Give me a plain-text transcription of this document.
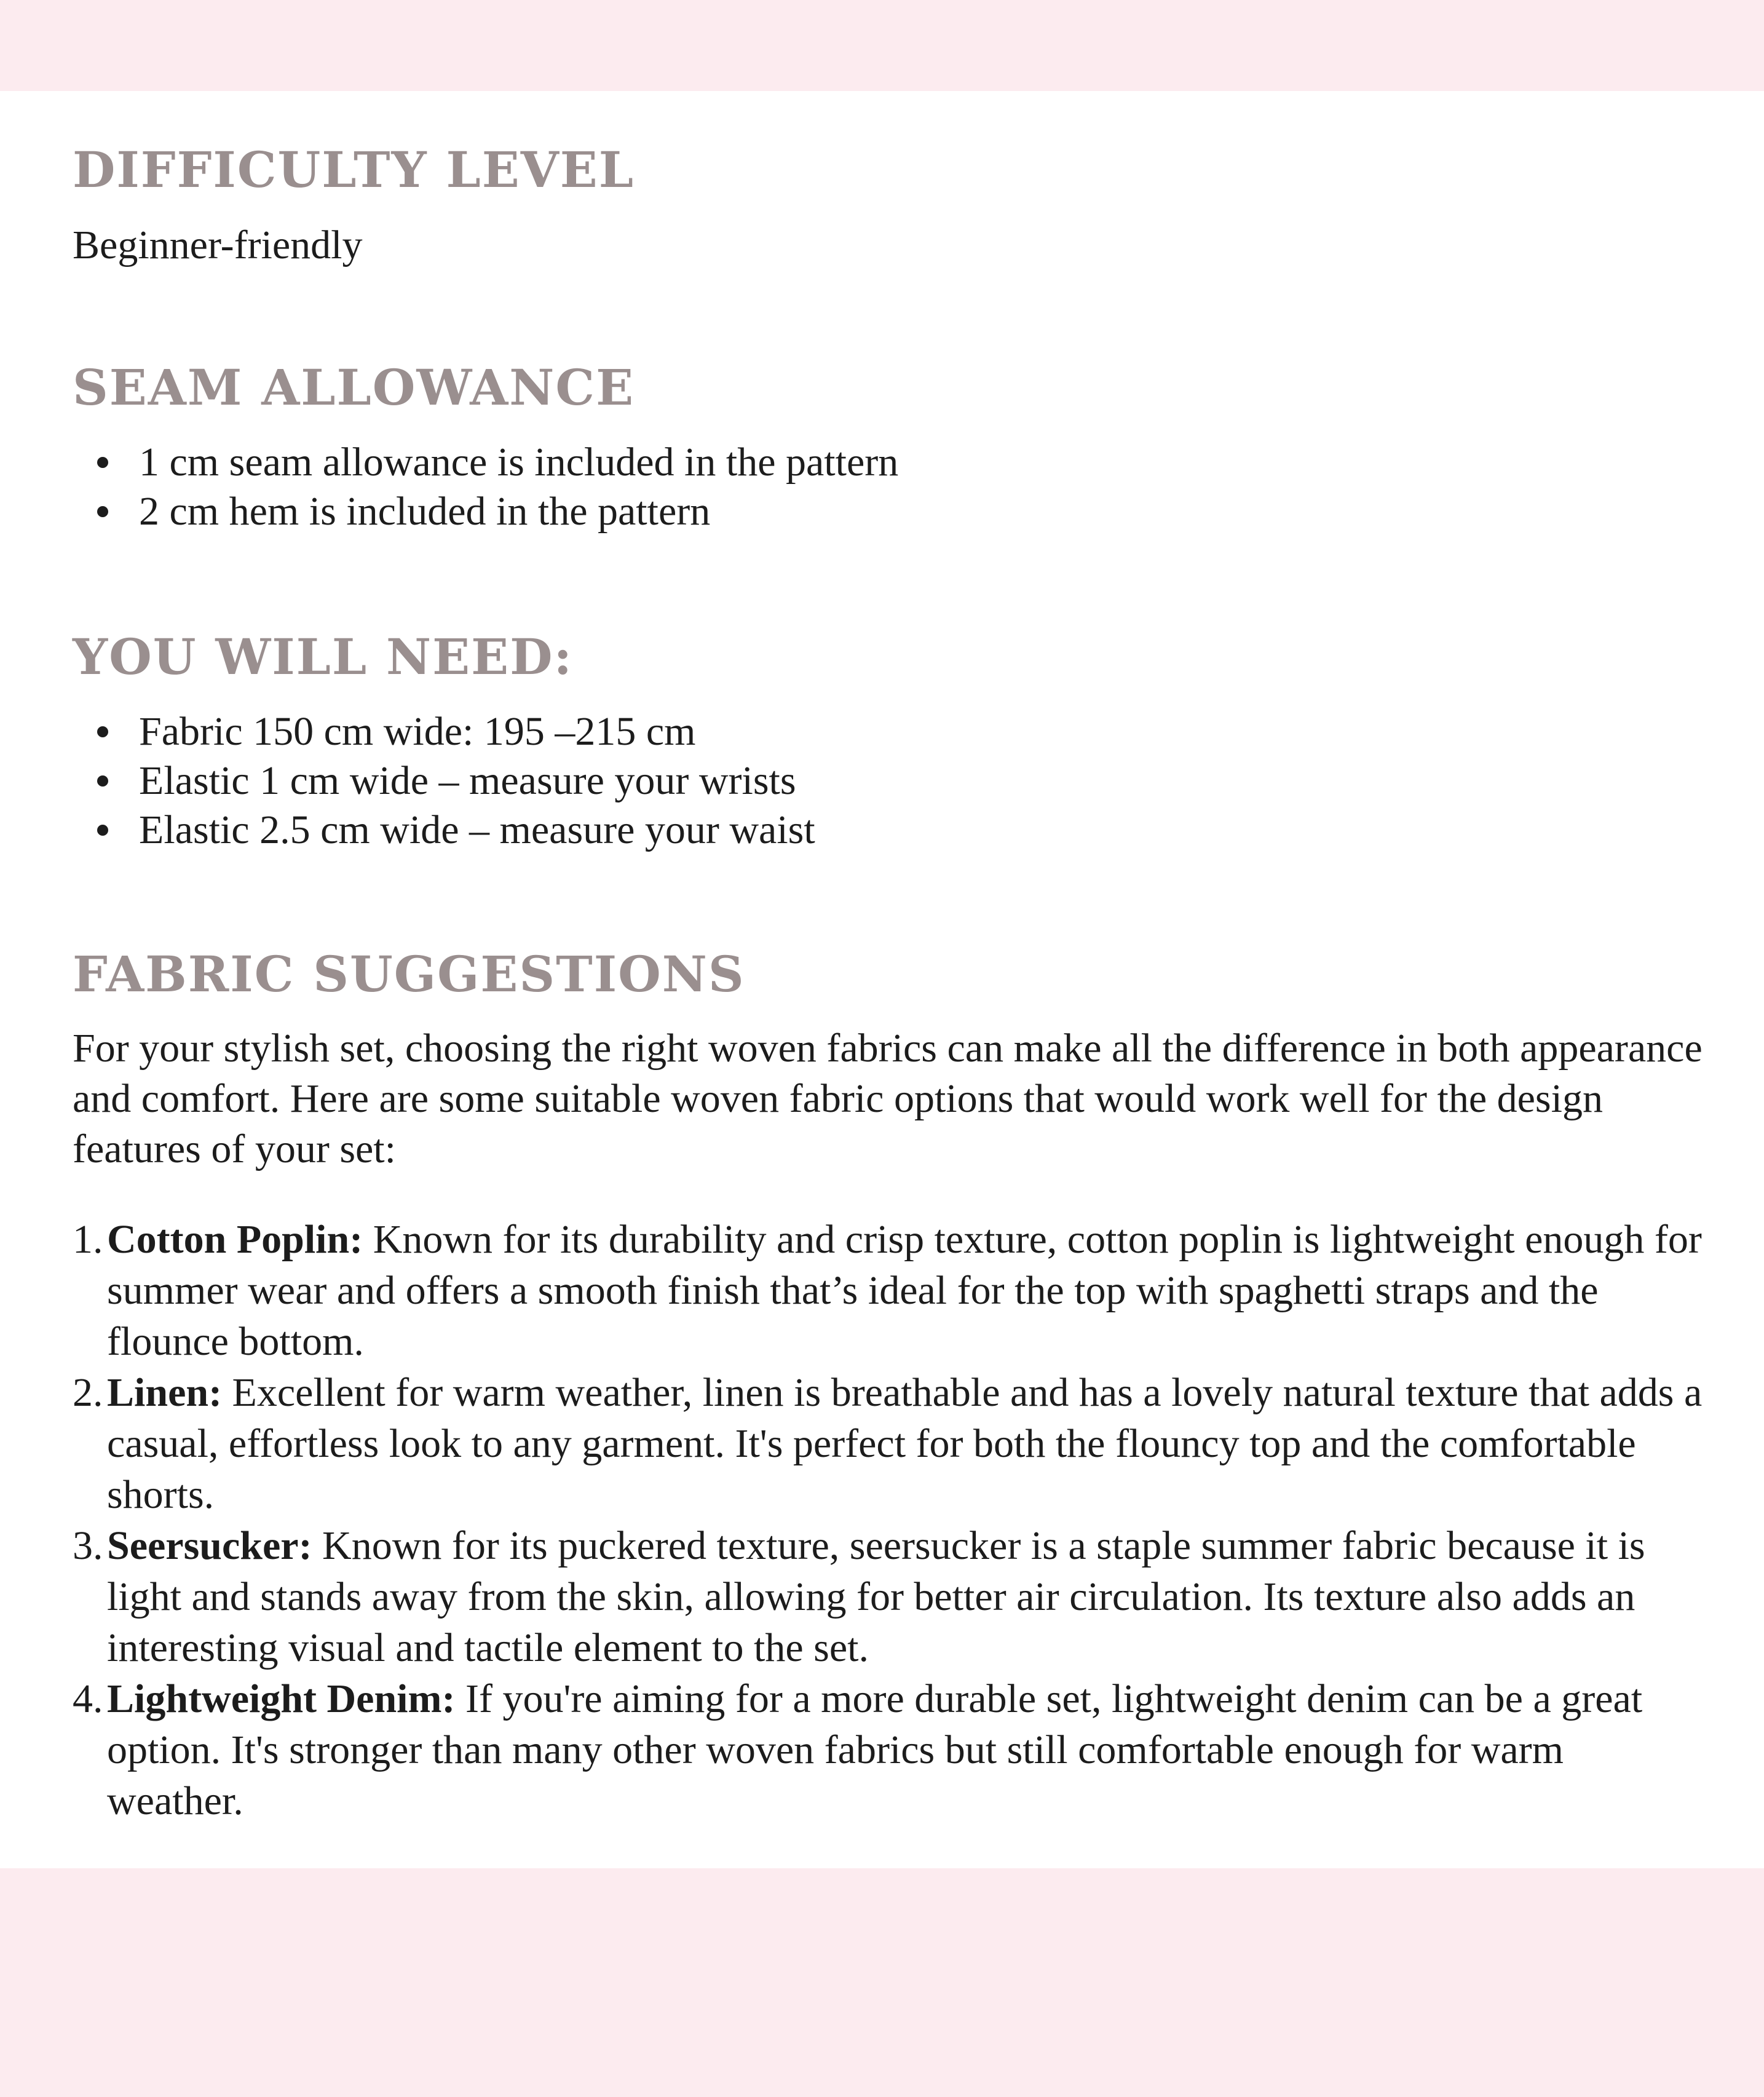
DIFFICULTY LEVEL

Beginner-friendly

SEAM ALLOWANCE
1 cm seam allowance is included in the pattern
2 cm hem is included in the pattern
YOU WILL NEED:
Fabric 150 cm wide: 195 –215 cm
Elastic 1 cm wide – measure your wrists
Elastic 2.5 cm wide – measure your waist
FABRIC SUGGESTIONS

For your stylish set, choosing the right woven fabrics can make all the difference in both appearance and comfort. Here are some suitable woven fabric options that would work well for the design features of your set:

1. Cotton Poplin: Known for its durability and crisp texture, cotton poplin is lightweight enough for summer wear and offers a smooth finish that’s ideal for the top with spaghetti straps and the flounce bottom.
2. Linen: Excellent for warm weather, linen is breathable and has a lovely natural texture that adds a casual, effortless look to any garment. It's perfect for both the flouncy top and the comfortable shorts.
3. Seersucker: Known for its puckered texture, seersucker is a staple summer fabric because it is light and stands away from the skin, allowing for better air circulation. Its texture also adds an interesting visual and tactile element to the set.
4. Lightweight Denim: If you're aiming for a more durable set, lightweight denim can be a great option. It's stronger than many other woven fabrics but still comfortable enough for warm weather.
